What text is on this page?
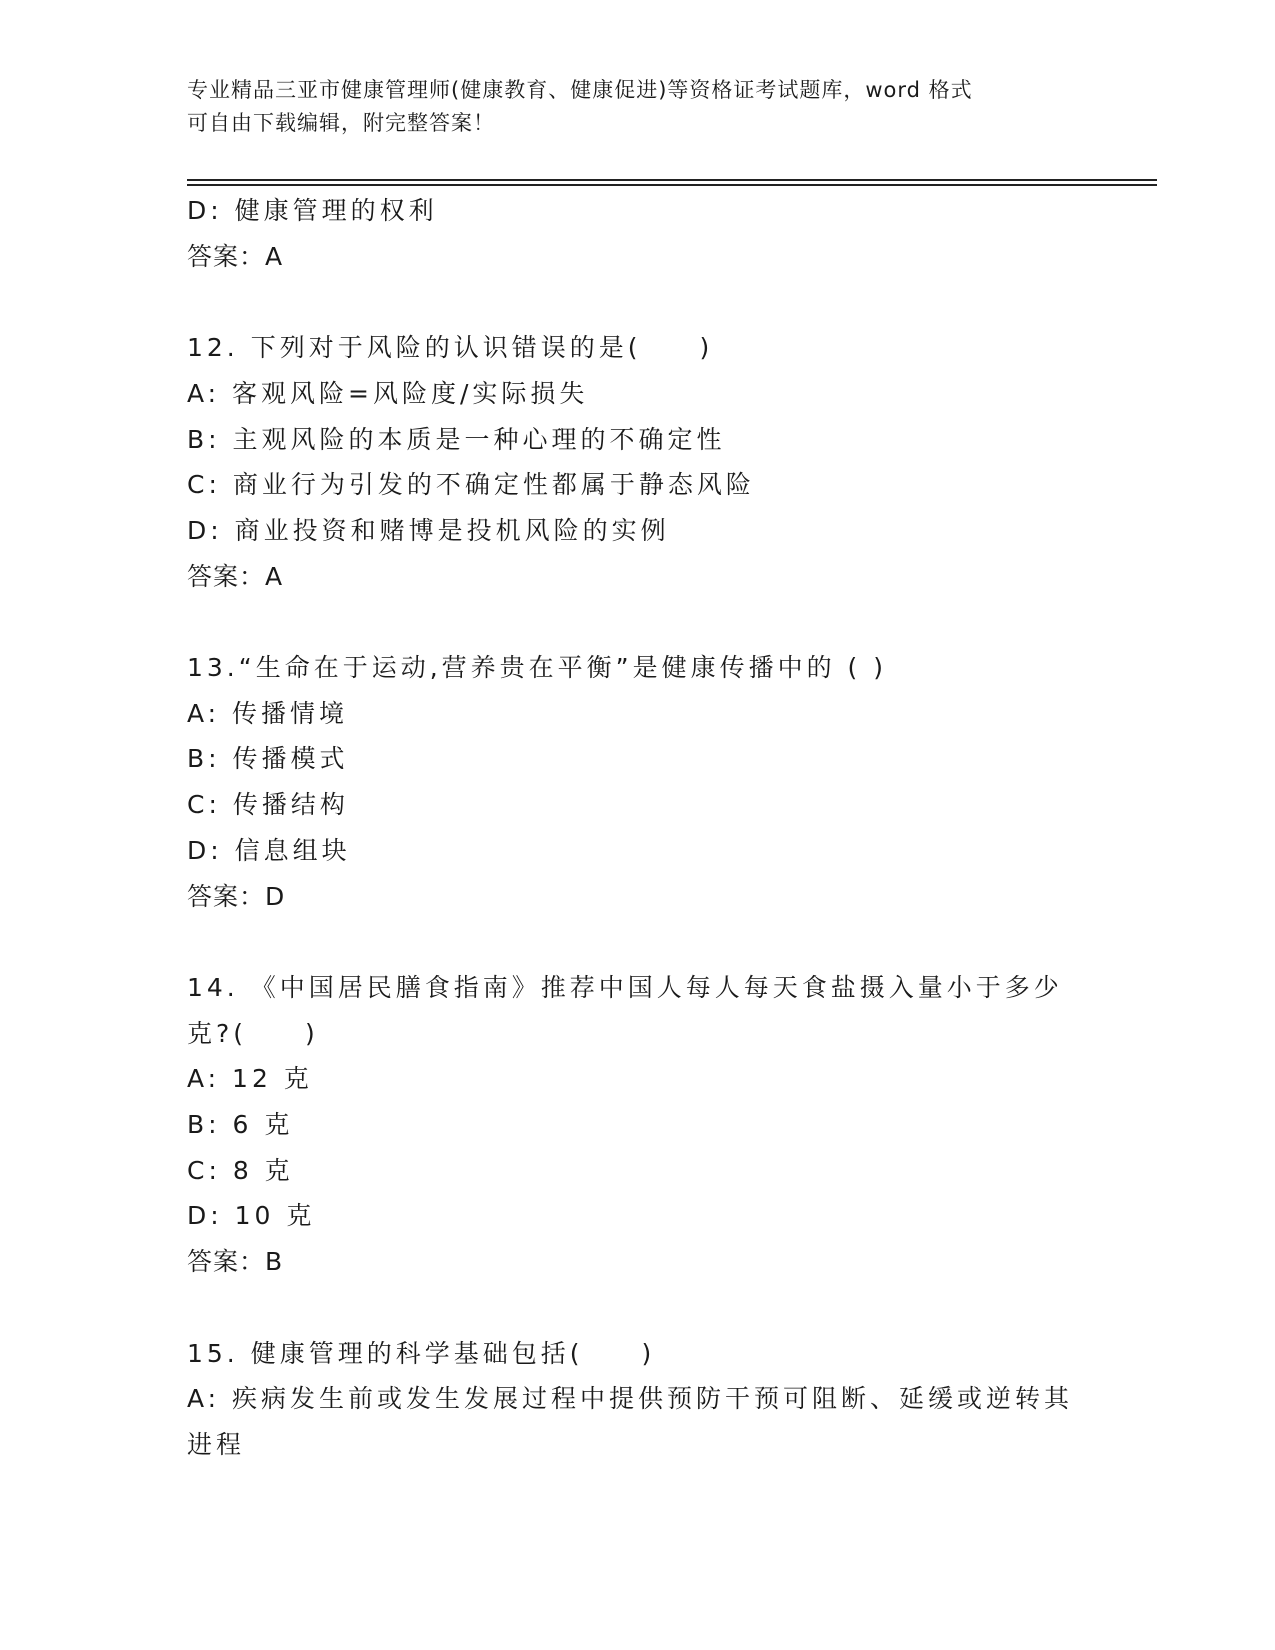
专业精品三亚市健康管理师(健康教育、健康促进)等资格证考试题库，word 格式
可自由下载编辑，附完整答案！
D: 健康管理的权利
答案：A
12. 下列对于风险的认识错误的是(　　)
A: 客观风险=风险度/实际损失
B: 主观风险的本质是一种心理的不确定性
C: 商业行为引发的不确定性都属于静态风险
D: 商业投资和赌博是投机风险的实例
答案：A
13.“生命在于运动,营养贵在平衡”是健康传播中的 ( )
A: 传播情境
B: 传播模式
C: 传播结构
D: 信息组块
答案：D
14. 《中国居民膳食指南》推荐中国人每人每天食盐摄入量小于多少
克?(　　)
A: 12 克
B: 6 克
C: 8 克
D: 10 克
答案：B
15. 健康管理的科学基础包括(　　)
A: 疾病发生前或发生发展过程中提供预防干预可阻断、延缓或逆转其
进程
